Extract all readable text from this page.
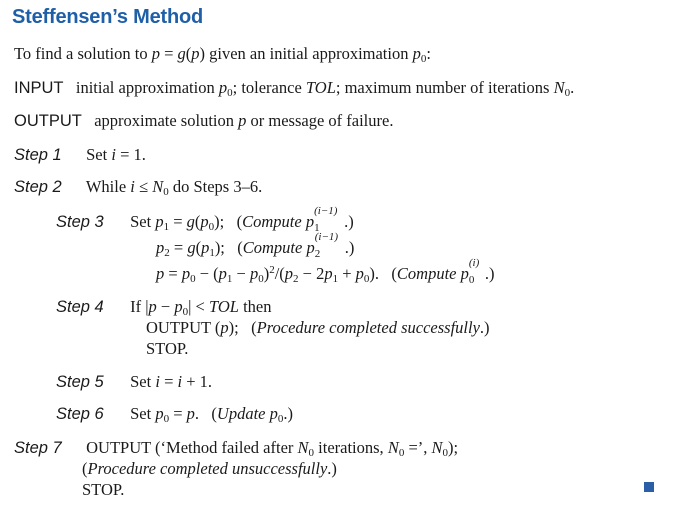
Steffensen’s Method
To find a solution to p = g(p) given an initial approximation $p_0$:
INPUT   initial approximation $p_0$; tolerance TOL; maximum number of iterations $N_0$.
OUTPUT   approximate solution p or message of failure.
Step 1 Set i = 1.
Step 2 While $i \le N_0$ do Steps 3–6.
Step 3 Set $p_1 = g(p_0)$;   (Compute p
(i−1)
1 .)
$p_2 = g(p_1)$;   (Compute p
(i−1)
2 .)
$p = p_0 - (p_1 - p_0)^2/(p_2 - 2p_1 + p_0)$.   (Compute p
(i)
0 .)
Step 4 If $|p - p_0|$ < TOL then
OUTPUT (p);   (Procedure completed successfully.)
STOP.
Step 5 Set i = i + 1.
Step 6 Set $p_0 = p$.   (Update $p_0$.)
Step 7 OUTPUT (‘Method failed after $N_0$ iterations, $N_0$ =’, $N_0$);
(Procedure completed unsuccessfully.)
STOP.
